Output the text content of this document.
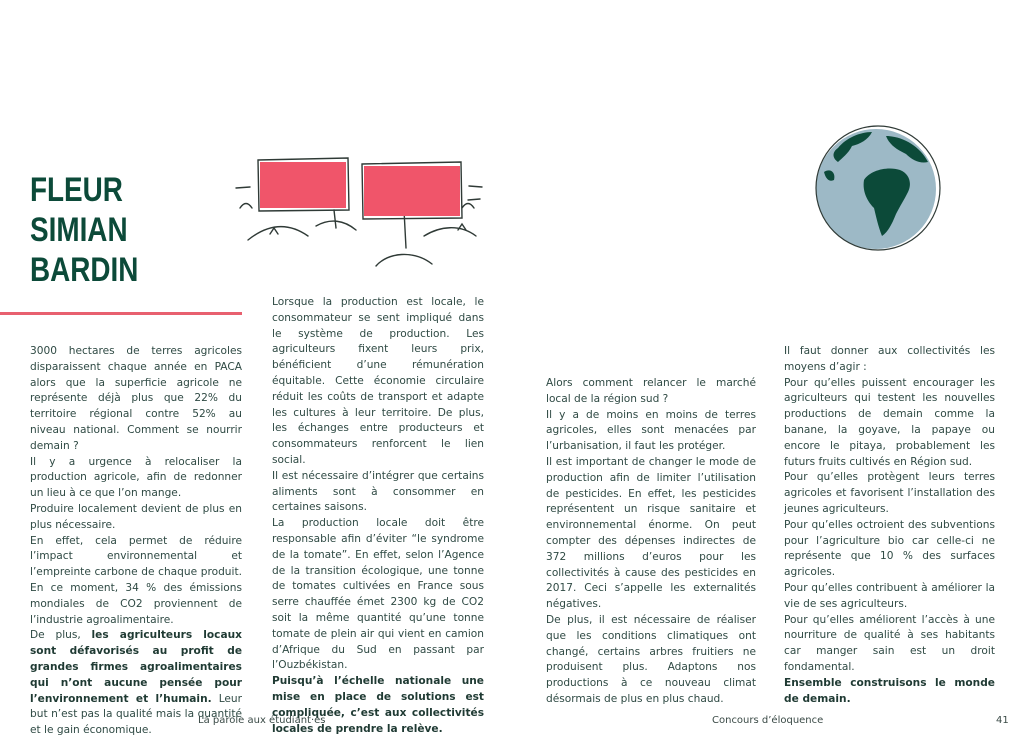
FLEUR
SIMIAN
BARDIN

3000 hectares de terres agricoles disparaissent chaque année en PACA alors que la superficie agricole ne représente déjà plus que 22% du territoire régional contre 52% au niveau national. Comment se nourrir demain ?

Il y a urgence à relocaliser la production agricole, afin de redonner un lieu à ce que l’on mange.

Produire localement devient de plus en plus nécessaire.

En effet, cela permet de réduire l’impact environnemental et l’empreinte carbone de chaque produit. En ce moment, 34 % des émissions mondiales de CO2 proviennent de l’industrie agroalimentaire.

De plus, les agriculteurs locaux sont défavorisés au profit de grandes firmes agroalimentaires qui n’ont aucune pensée pour l’environnement et l’humain. Leur but n’est pas la qualité mais la quantité et le gain économique.

Lorsque la production est locale, le consommateur se sent impliqué dans le système de production. Les agriculteurs fixent leurs prix, bénéficient d’une rémunération équitable. Cette économie circulaire réduit les coûts de transport et adapte les cultures à leur territoire. De plus, les échanges entre producteurs et consommateurs renforcent le lien social.

Il est nécessaire d’intégrer que certains aliments sont à consommer en certaines saisons.

La production locale doit être responsable afin d’éviter “le syndrome de la tomate”. En effet, selon l’Agence de la transition écologique, une tonne de tomates cultivées en France sous serre chauffée émet 2300 kg de CO2 soit la même quantité qu’une tonne tomate de plein air qui vient en camion d’Afrique du Sud en passant par l’Ouzbékistan.

Puisqu’à l’échelle nationale une mise en place de solutions est compliquée, c’est aux collectivités locales de prendre la relève.

Alors comment relancer le marché local de la région sud ?

Il y a de moins en moins de terres agricoles, elles sont menacées par l’urbanisation, il faut les protéger.

Il est important de changer le mode de production afin de limiter l’utilisation de pesticides. En effet, les pesticides représentent un risque sanitaire et environnemental énorme. On peut compter des dépenses indirectes de 372 millions d’euros pour les collectivités à cause des pesticides en 2017. Ceci s’appelle les externalités négatives.

De plus, il est nécessaire de réaliser que les conditions climatiques ont changé, certains arbres fruitiers ne produisent plus. Adaptons nos productions à ce nouveau climat désormais de plus en plus chaud.

Il faut donner aux collectivités les moyens d’agir :

Pour qu’elles puissent encourager les agriculteurs qui testent les nouvelles productions de demain comme la banane, la goyave, la papaye ou encore le pitaya, probablement les futurs fruits cultivés en Région sud.

Pour qu’elles protègent leurs terres agricoles et favorisent l’installation des jeunes agriculteurs.

Pour qu’elles octroient des subventions pour l’agriculture bio car celle-ci ne représente que 10 % des surfaces agricoles.

Pour qu’elles contribuent à améliorer la vie de ses agriculteurs.

Pour qu’elles améliorent l’accès à une nourriture de qualité à ses habitants car manger sain est un droit fondamental.

Ensemble construisons le monde de demain.

La parole aux étudiant·es	Concours d’éloquence	41
